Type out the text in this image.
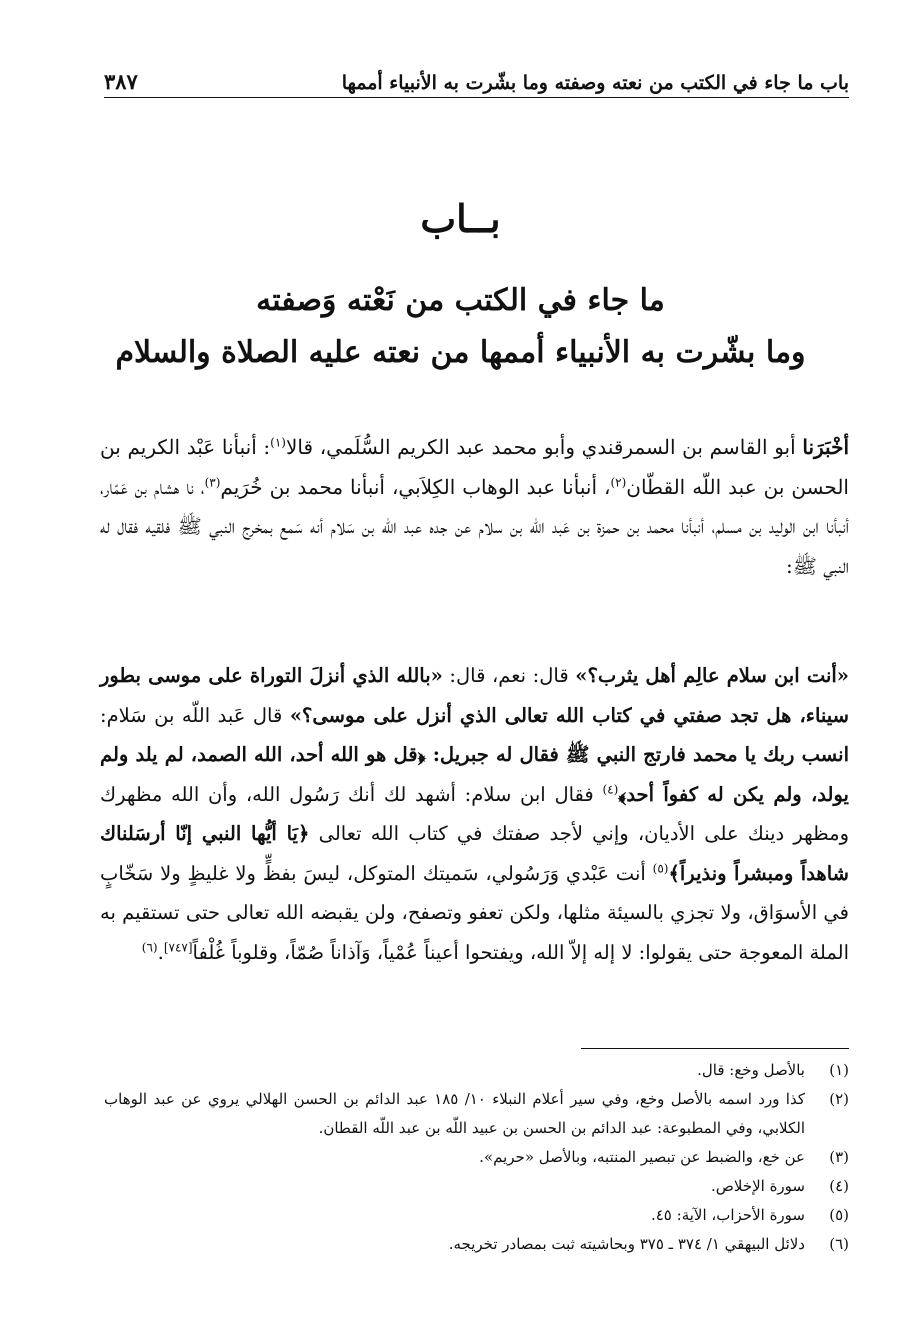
باب ما جاء في الكتب من نعته وصفته وما بشّرت به الأنبياء أممها
٣٨٧
بــاب
ما جاء في الكتب من نَعْته وَصفته
وما بشّرت به الأنبياء أممها من نعته عليه الصلاة والسلام

أخْبَرَنا أبو القاسم بن السمرقندي وأبو محمد عبد الكريم السُّلَمي، قالا$^{(١)}$: أنبأنا عَبْد الكريم بن الحسن بن عبد اللّه القطّان$^{(٢)}$، أنبأنا عبد الوهاب الكِلاَبي، أنبأنا محمد بن خُرَيم$^{(٣)}$، نا هشام بن عَمّار، أنبأنا ابن الوليد بن مسلم، أنبأنا محمد بن حمزة بن عَبد اللّه بن سلام عن جده عبد اللّه بن سَلام أنه سَمع بمخرج النبي ﷺ فلقيه فقال له النبي ﷺ:

«أنت ابن سلام عالِم أهل يثرب؟» قال: نعم، قال: «بالله الذي أنزلَ التوراة على موسى بطور سيناء، هل تجد صفتي في كتاب الله تعالى الذي أنزل على موسى؟» قال عَبد اللّه بن سَلام: انسب ربك يا محمد فارتج النبي ﷺ فقال له جبريل: ﴿قل هو الله أحد، الله الصمد، لم يلد ولم يولد، ولم يكن له كفواً أحد﴾$^{(٤)}$ فقال ابن سلام: أشهد لك أنك رَسُول الله، وأن الله مظهرك ومظهر دينك على الأديان، وإني لأجد صفتك في كتاب الله تعالى ﴿يَا أيُّها النبي إنّا أرسَلناك شاهداً ومبشراً ونذيراً﴾$^{(٥)}$ أنت عَبْدي وَرَسُولي، سَميتك المتوكل، ليسَ بفظٍّ ولا غليظٍ ولا سَخّابٍ في الأسوَاق، ولا تجزي بالسيئة مثلها، ولكن تعفو وتصفح، ولن يقبضه الله تعالى حتى تستقيم به الملة المعوجة حتى يقولوا: لا إله إلاّ الله، ويفتحوا أعيناً عُمْياً، وَآذاناً صُمّاً، وقلوباً غُلْفاً[٧٤٧].$^{(٦)}$

(١)
بالأصل وخع: قال.
(٢)
كذا ورد اسمه بالأصل وخع، وفي سير أعلام النبلاء ١٠/ ١٨٥ عبد الدائم بن الحسن الهلالي يروي عن عبد الوهاب الكلابي، وفي المطبوعة: عبد الدائم بن الحسن بن عبيد اللّه بن عبد اللّه القطان.
(٣)
عن خع، والضبط عن تبصير المنتبه، وبالأصل «حريم».
(٤)
سورة الإخلاص.
(٥)
سورة الأحزاب، الآية: ٤٥.
(٦)
دلائل البيهقي ١/ ٣٧٤ ـ ٣٧٥ وبحاشيته ثبت بمصادر تخريجه.
